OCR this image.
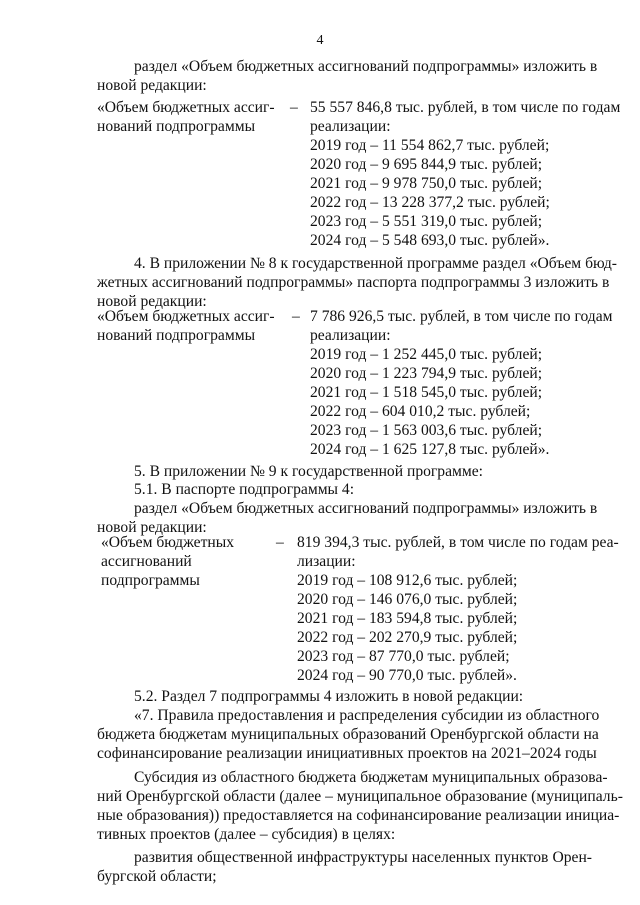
4
раздел «Объем бюджетных ассигнований подпрограммы» изложить в
новой редакции:
«Объем бюджетных ассиг-
нований подпрограммы
– 55 557 846,8 тыс. рублей, в том числе по годам
реализации:
2019 год – 11 554 862,7 тыс. рублей;
2020 год – 9 695 844,9 тыс. рублей;
2021 год – 9 978 750,0 тыс. рублей;
2022 год – 13 228 377,2 тыс. рублей;
2023 год – 5 551 319,0 тыс. рублей;
2024 год – 5 548 693,0 тыс. рублей».
4. В приложении № 8 к государственной программе раздел «Объем бюд-
жетных ассигнований подпрограммы» паспорта подпрограммы 3 изложить в
новой редакции:
«Объем бюджетных ассиг-
нований подпрограммы
– 7 786 926,5 тыс. рублей, в том числе по годам
реализации:
2019 год – 1 252 445,0 тыс. рублей;
2020 год – 1 223 794,9 тыс. рублей;
2021 год – 1 518 545,0 тыс. рублей;
2022 год – 604 010,2 тыс. рублей;
2023 год – 1 563 003,6 тыс. рублей;
2024 год – 1 625 127,8 тыс. рублей».
5. В приложении № 9 к государственной программе:
5.1. В паспорте подпрограммы 4:
раздел «Объем бюджетных ассигнований подпрограммы» изложить в
новой редакции:
«Объем бюджетных
ассигнований
подпрограммы
– 819 394,3 тыс. рублей, в том числе по годам реа-
лизации:
2019 год – 108 912,6 тыс. рублей;
2020 год – 146 076,0 тыс. рублей;
2021 год – 183 594,8 тыс. рублей;
2022 год – 202 270,9 тыс. рублей;
2023 год – 87 770,0 тыс. рублей;
2024 год – 90 770,0 тыс. рублей».
5.2. Раздел 7 подпрограммы 4 изложить в новой редакции:
«7. Правила предоставления и распределения субсидии из областного
бюджета бюджетам муниципальных образований Оренбургской области на
софинансирование реализации инициативных проектов на 2021–2024 годы
Субсидия из областного бюджета бюджетам муниципальных образова-
ний Оренбургской области (далее – муниципальное образование (муниципаль-
ные образования)) предоставляется на софинансирование реализации инициа-
тивных проектов (далее – субсидия) в целях:
развития общественной инфраструктуры населенных пунктов Орен-
бургской области;
